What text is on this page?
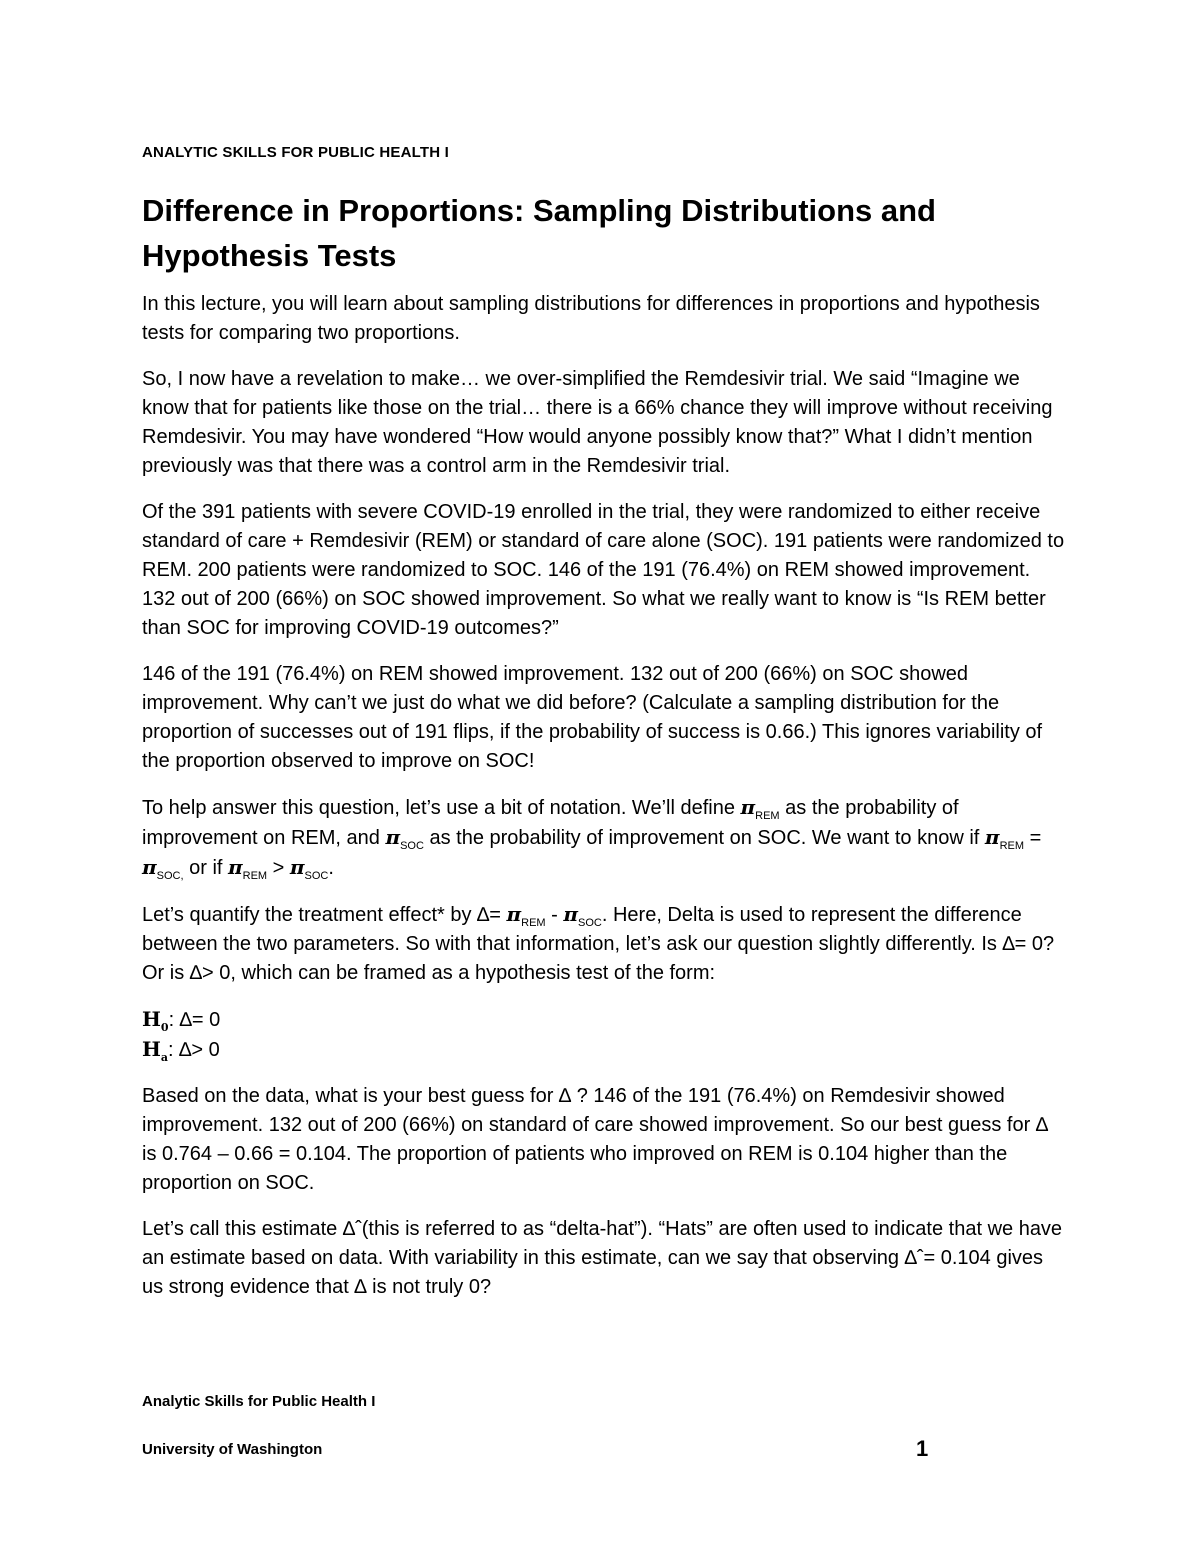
ANALYTIC SKILLS FOR PUBLIC HEALTH I
Difference in Proportions: Sampling Distributions and Hypothesis Tests

In this lecture, you will learn about sampling distributions for differences in proportions and hypothesis tests for comparing two proportions.

So, I now have a revelation to make… we over-simplified the Remdesivir trial. We said “Imagine we know that for patients like those on the trial… there is a 66% chance they will improve without receiving Remdesivir. You may have wondered “How would anyone possibly know that?” What I didn’t mention previously was that there was a control arm in the Remdesivir trial.

Of the 391 patients with severe COVID-19 enrolled in the trial, they were randomized to either receive standard of care + Remdesivir (REM) or standard of care alone (SOC). 191 patients were randomized to REM. 200 patients were randomized to SOC. 146 of the 191 (76.4%) on REM showed improvement. 132 out of 200 (66%) on SOC showed improvement. So what we really want to know is “Is REM better than SOC for improving COVID-19 outcomes?”

146 of the 191 (76.4%) on REM showed improvement. 132 out of 200 (66%) on SOC showed improvement. Why can’t we just do what we did before? (Calculate a sampling distribution for the proportion of successes out of 191 flips, if the probability of success is 0.66.) This ignores variability of the proportion observed to improve on SOC!

To help answer this question, let’s use a bit of notation. We’ll define $\pi_{REM}$ as the probability of improvement on REM, and $\pi_{SOC}$ as the probability of improvement on SOC. We want to know if $\pi_{REM} = \pi_{SOC,}$ or if $\pi_{REM} > \pi_{SOC}$.

Let’s quantify the treatment effect* by ∆= $\pi_{REM} - \pi_{SOC}$. Here, Delta is used to represent the difference between the two parameters. So with that information, let’s ask our question slightly differently. Is ∆= 0? Or is ∆> 0, which can be framed as a hypothesis test of the form:

$H_0$: ∆= 0
$H_a$: ∆> 0

Based on the data, what is your best guess for ∆ ? 146 of the 191 (76.4%) on Remdesivir showed improvement. 132 out of 200 (66%) on standard of care showed improvement. So our best guess for ∆ is 0.764 – 0.66 = 0.104. The proportion of patients who improved on REM is 0.104 higher than the proportion on SOC.

Let’s call this estimate ∆ˆ(this is referred to as “delta-hat”). “Hats” are often used to indicate that we have an estimate based on data. With variability in this estimate, can we say that observing ∆ˆ= 0.104 gives us strong evidence that ∆ is not truly 0?

Analytic Skills for Public Health I
University of Washington	1
